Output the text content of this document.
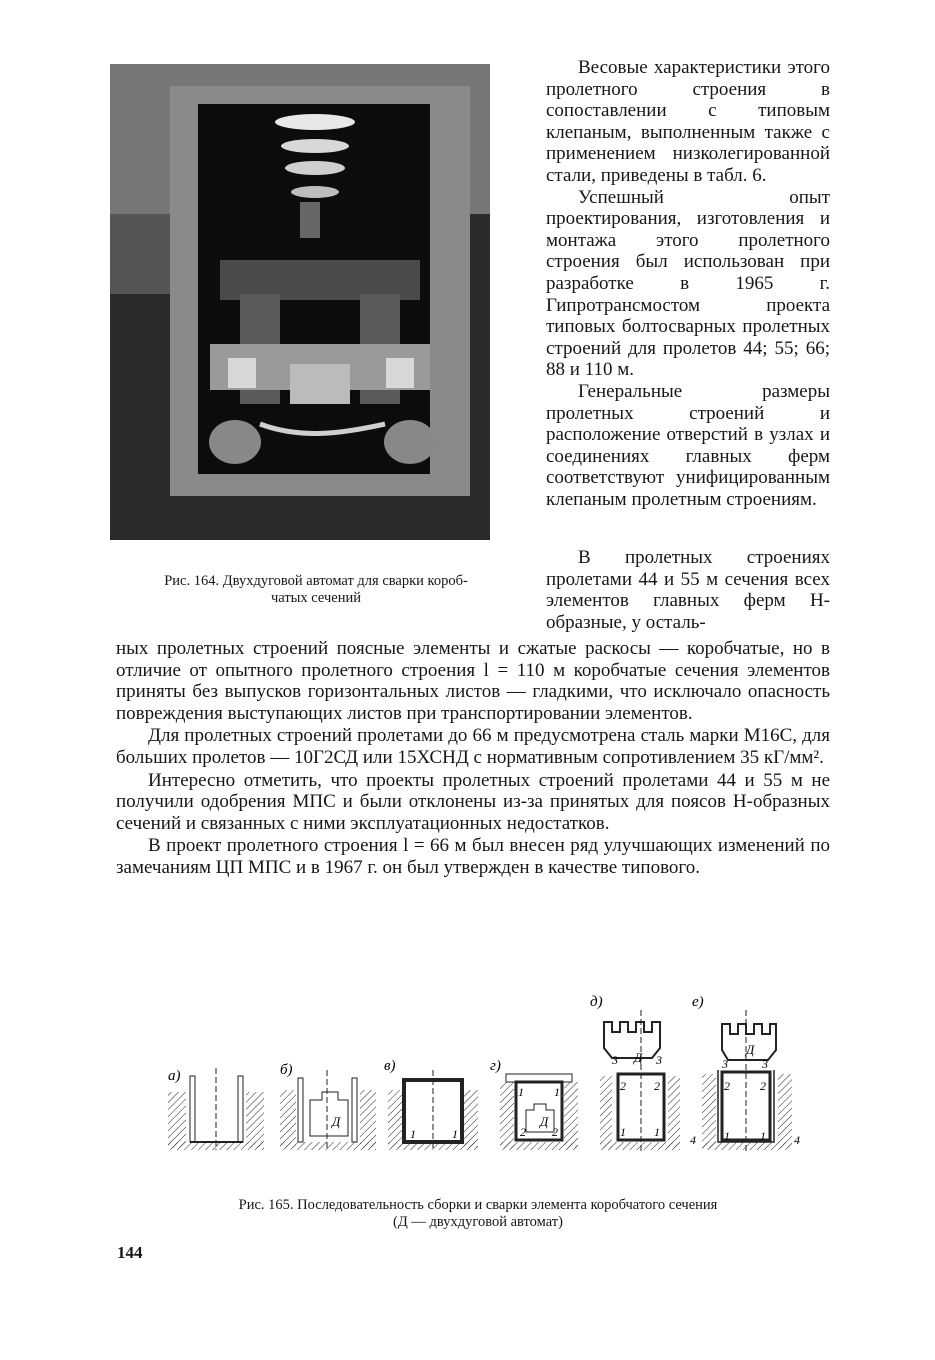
Рис. 164. Двухдуговой автомат для сварки короб-
чатых сечений

Весовые характеристики этого пролетного строения в сопоставлении с типовым клепаным, выполненным также с применением низколегированной стали, приведены в табл. 6.

Успешный опыт проектирования, изготовления и монтажа этого пролетного строения был использован при разработке в 1965 г. Гипротрансмостом проекта типовых болтосварных пролетных строений для пролетов 44; 55; 66; 88 и 110 м.

Генеральные размеры пролетных строений и расположение отверстий в узлах и соединениях главных ферм соответствуют унифицированным клепаным пролетным строениям.

В пролетных строениях пролетами 44 и 55 м сечения всех элементов главных ферм Н-образные, у осталь-

ных пролетных строений поясные элементы и сжатые раскосы — коробчатые, но в отличие от опытного пролетного строения l = 110 м коробчатые сечения элементов приняты без выпусков горизонтальных листов — гладкими, что исключало опасность повреждения выступающих листов при транспортировании элементов.

Для пролетных строений пролетами до 66 м предусмотрена сталь марки М16С, для больших пролетов — 10Г2СД или 15ХСНД с нормативным сопротивлением 35 кГ/мм².

Интересно отметить, что проекты пролетных строений пролетами 44 и 55 м не получили одобрения МПС и были отклонены из-за принятых для поясов Н-образных сечений и связанных с ними эксплуатационных недостатков.

В проект пролетного строения l = 66 м был внесен ряд улучшающих изменений по замечаниям ЦП МПС и в 1967 г. он был утвержден в качестве типового.

а)	б)
Д
в)
1	1
г)
1	1
2 2
Д
д)
3 Д 3
2 2
1 1
е)
3
Д
3
2	2
4 1	1 4
Рис. 165. Последовательность сборки и сварки элемента коробчатого сечения
(Д — двухдуговой автомат)
144
